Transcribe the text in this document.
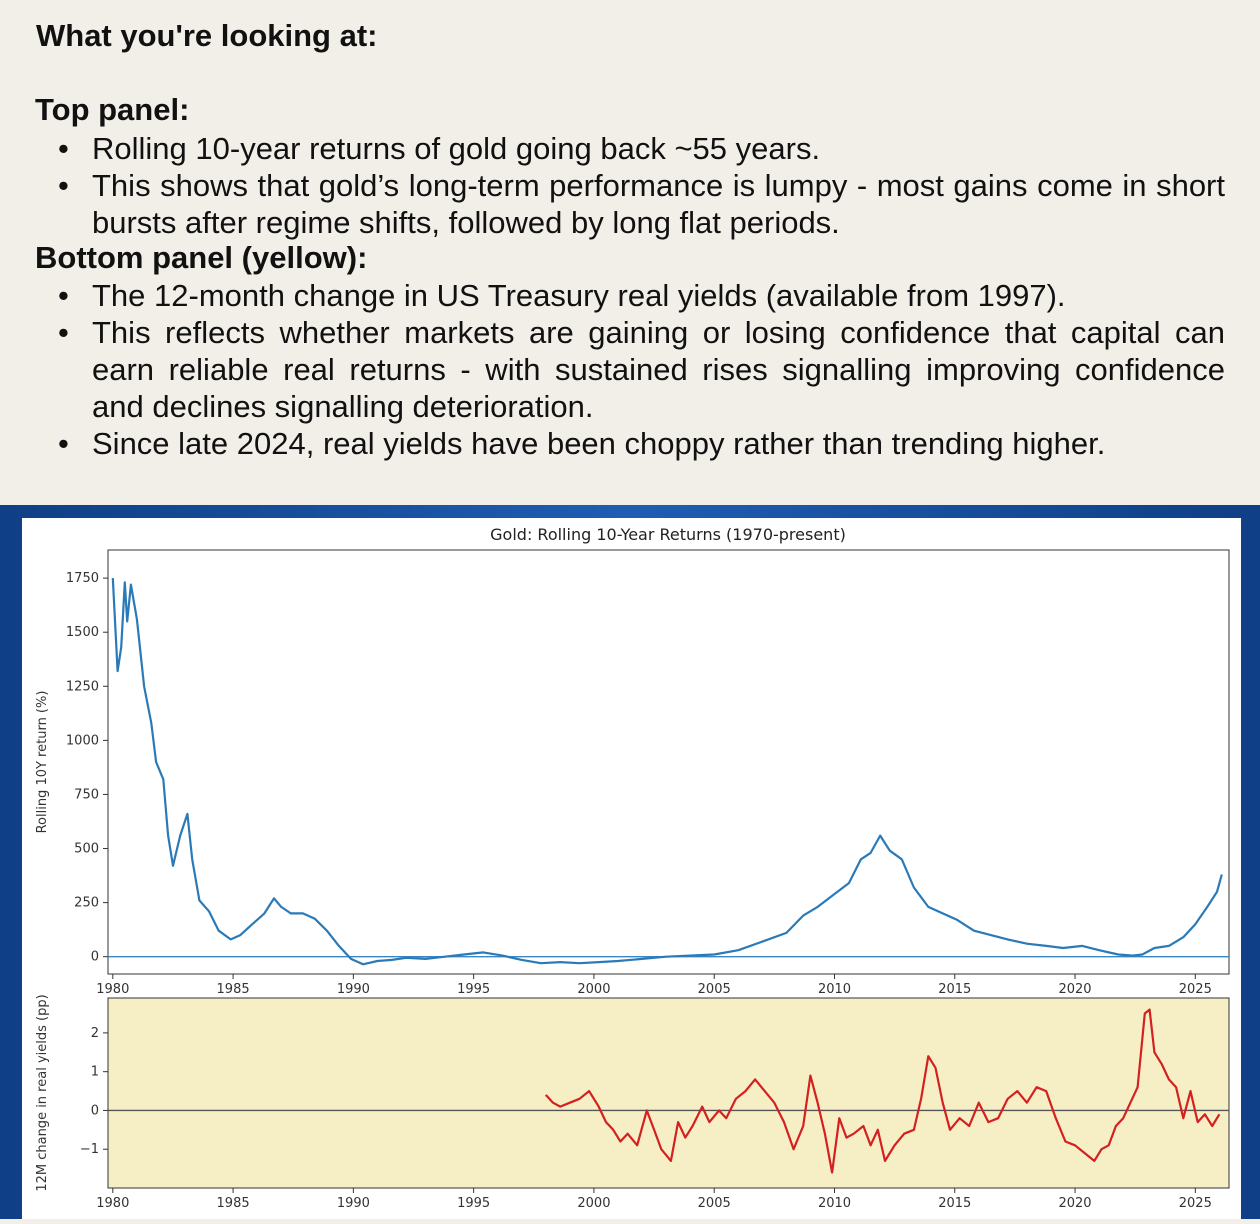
What you're looking at:
Top panel:
• Rolling 10-year returns of gold going back ~55 years.
• This shows that gold’s long-term performance is lumpy - most gains come in short bursts after regime shifts, followed by long flat periods.
Bottom panel (yellow):
• The 12-month change in US Treasury real yields (available from 1997).
• This reflects whether markets are gaining or losing confidence that capital can earn reliable real returns - with sustained rises signalling improving confidence and declines signalling deterioration.
• Since late 2024, real yields have been choppy rather than trending higher.
Gold: Rolling 10-Year Returns (1970-present)
1980	1985	1990	1995	2000	2005	2010	2015	2020	2025
0
250
500
750
1000
1250
1500
1750
Rolling 10Y return (%)
1980	1985	1990	1995	2000	2005	2010	2015	2020	2025
−1
0
1
2
12M change in real yields (pp)
